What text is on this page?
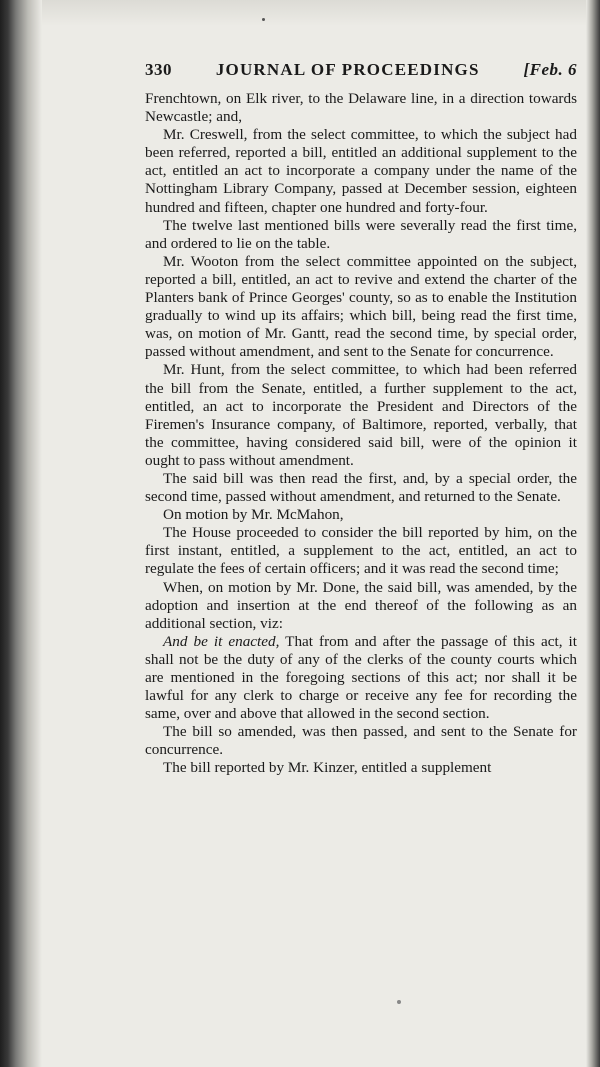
330	JOURNAL OF PROCEEDINGS	[Feb. 6

Frenchtown, on Elk river, to the Delaware line, in a direction towards Newcastle; and,

Mr. Creswell, from the select committee, to which the subject had been referred, reported a bill, entitled an additional supplement to the act, entitled an act to incorporate a company under the name of the Nottingham Library Company, passed at December session, eighteen hundred and fifteen, chapter one hundred and forty-four.

The twelve last mentioned bills were severally read the first time, and ordered to lie on the table.

Mr. Wooton from the select committee appointed on the subject, reported a bill, entitled, an act to revive and extend the charter of the Planters bank of Prince Georges' county, so as to enable the Institution gradually to wind up its affairs; which bill, being read the first time, was, on motion of Mr. Gantt, read the second time, by special order, passed without amendment, and sent to the Senate for concurrence.

Mr. Hunt, from the select committee, to which had been referred the bill from the Senate, entitled, a further supplement to the act, entitled, an act to incorporate the President and Directors of the Firemen's Insurance company, of Baltimore, reported, verbally, that the committee, having considered said bill, were of the opinion it ought to pass without amendment.

The said bill was then read the first, and, by a special order, the second time, passed without amendment, and returned to the Senate.

On motion by Mr. McMahon,

The House proceeded to consider the bill reported by him, on the first instant, entitled, a supplement to the act, entitled, an act to regulate the fees of certain officers; and it was read the second time;

When, on motion by Mr. Done, the said bill, was amended, by the adoption and insertion at the end thereof of the following as an additional section, viz:

And be it enacted, That from and after the passage of this act, it shall not be the duty of any of the clerks of the county courts which are mentioned in the foregoing sections of this act; nor shall it be lawful for any clerk to charge or receive any fee for recording the same, over and above that allowed in the second section.

The bill so amended, was then passed, and sent to the Senate for concurrence.

The bill reported by Mr. Kinzer, entitled a supplement
